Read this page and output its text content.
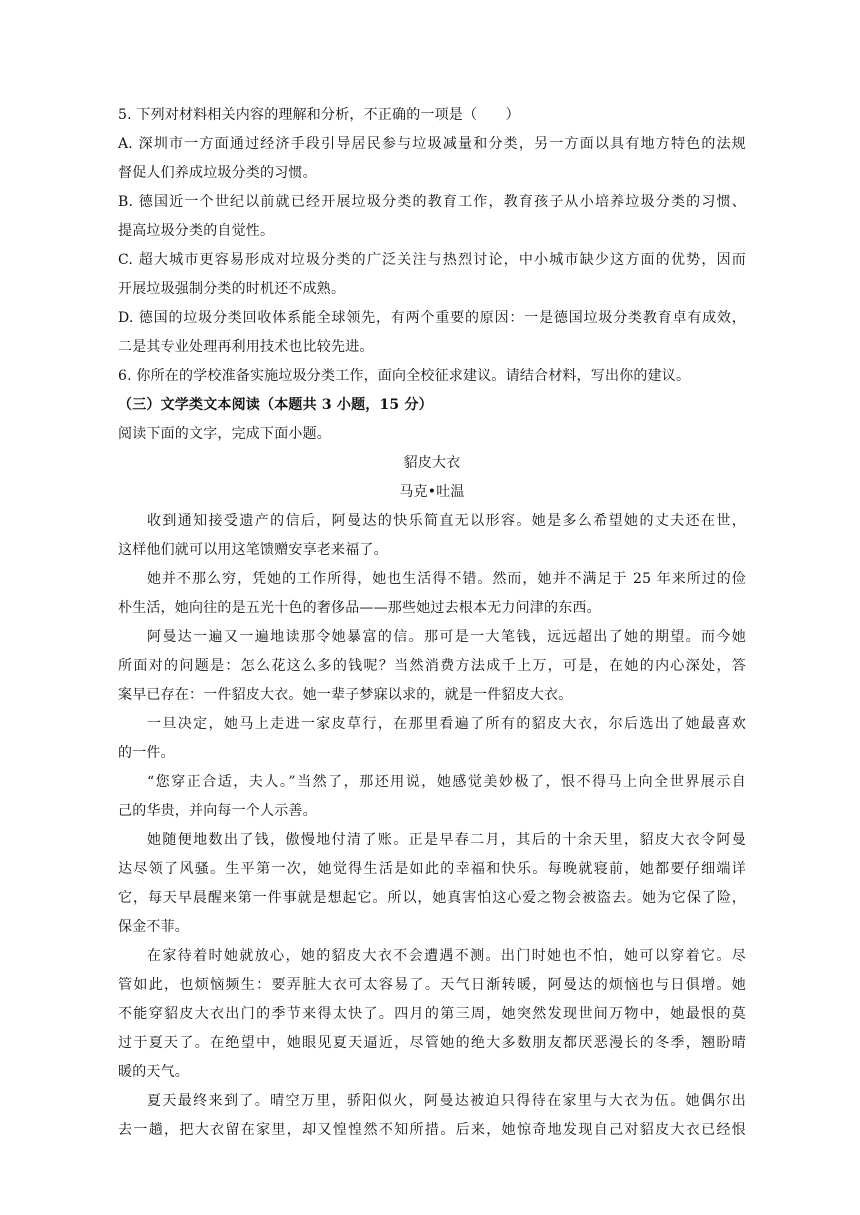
5. 下列对材料相关内容的理解和分析，不正确的一项是（　　）
A. 深圳市一方面通过经济手段引导居民参与垃圾减量和分类，另一方面以具有地方特色的法规
督促人们养成垃圾分类的习惯。
B. 德国近一个世纪以前就已经开展垃圾分类的教育工作，教育孩子从小培养垃圾分类的习惯、
提高垃圾分类的自觉性。
C. 超大城市更容易形成对垃圾分类的广泛关注与热烈讨论，中小城市缺少这方面的优势，因而
开展垃圾强制分类的时机还不成熟。
D. 德国的垃圾分类回收体系能全球领先，有两个重要的原因：一是德国垃圾分类教育卓有成效，
二是其专业处理再利用技术也比较先进。
6. 你所在的学校准备实施垃圾分类工作，面向全校征求建议。请结合材料，写出你的建议。
（三）文学类文本阅读（本题共 3 小题，15 分）
阅读下面的文字，完成下面小题。
貂皮大衣
马克•吐温
收到通知接受遗产的信后，阿曼达的快乐简直无以形容。她是多么希望她的丈夫还在世，
这样他们就可以用这笔馈赠安享老来福了。
她并不那么穷，凭她的工作所得，她也生活得不错。然而，她并不满足于 25 年来所过的俭
朴生活，她向往的是五光十色的奢侈品——那些她过去根本无力问津的东西。
阿曼达一遍又一遍地读那令她暴富的信。那可是一大笔钱，远远超出了她的期望。而今她
所面对的问题是：怎么花这么多的钱呢？当然消费方法成千上万，可是，在她的内心深处，答
案早已存在：一件貂皮大衣。她一辈子梦寐以求的，就是一件貂皮大衣。
一旦决定，她马上走进一家皮草行，在那里看遍了所有的貂皮大衣，尔后选出了她最喜欢
的一件。
“您穿正合适，夫人。”当然了，那还用说，她感觉美妙极了，恨不得马上向全世界展示自
己的华贵，并向每一个人示善。
她随便地数出了钱，傲慢地付清了账。正是早春二月，其后的十余天里，貂皮大衣令阿曼
达尽领了风骚。生平第一次，她觉得生活是如此的幸福和快乐。每晚就寝前，她都要仔细端详
它，每天早晨醒来第一件事就是想起它。所以，她真害怕这心爱之物会被盗去。她为它保了险，
保金不菲。
在家待着时她就放心，她的貂皮大衣不会遭遇不测。出门时她也不怕，她可以穿着它。尽
管如此，也烦恼频生：要弄脏大衣可太容易了。天气日渐转暖，阿曼达的烦恼也与日俱增。她
不能穿貂皮大衣出门的季节来得太快了。四月的第三周，她突然发现世间万物中，她最恨的莫
过于夏天了。在绝望中，她眼见夏天逼近，尽管她的绝大多数朋友都厌恶漫长的冬季，翘盼晴
暖的天气。
夏天最终来到了。晴空万里，骄阳似火，阿曼达被迫只得待在家里与大衣为伍。她偶尔出
去一趟，把大衣留在家里，却又惶惶然不知所措。后来，她惊奇地发现自己对貂皮大衣已经恨
